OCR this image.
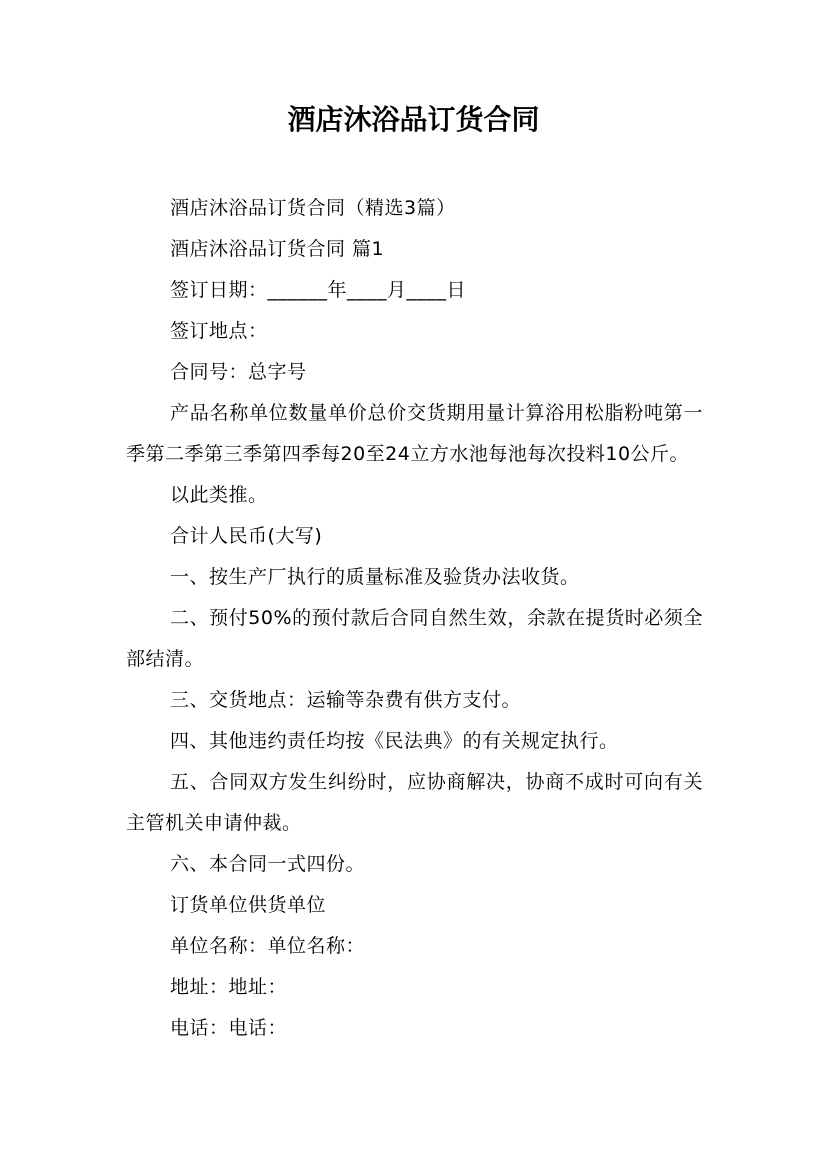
酒店沐浴品订货合同

酒店沐浴品订货合同（精选3篇）

酒店沐浴品订货合同 篇1

签订日期：______年____月____日

签订地点：

合同号：总字号

产品名称单位数量单价总价交货期用量计算浴用松脂粉吨第一季第二季第三季第四季每20至24立方水池每池每次投料10公斤。

以此类推。

合计人民币(大写)

一、按生产厂执行的质量标准及验货办法收货。

二、预付50%的预付款后合同自然生效，余款在提货时必须全部结清。

三、交货地点：运输等杂费有供方支付。

四、其他违约责任均按《民法典》的有关规定执行。

五、合同双方发生纠纷时，应协商解决，协商不成时可向有关主管机关申请仲裁。

六、本合同一式四份。

订货单位供货单位

单位名称：单位名称：

地址：地址：

电话：电话：
